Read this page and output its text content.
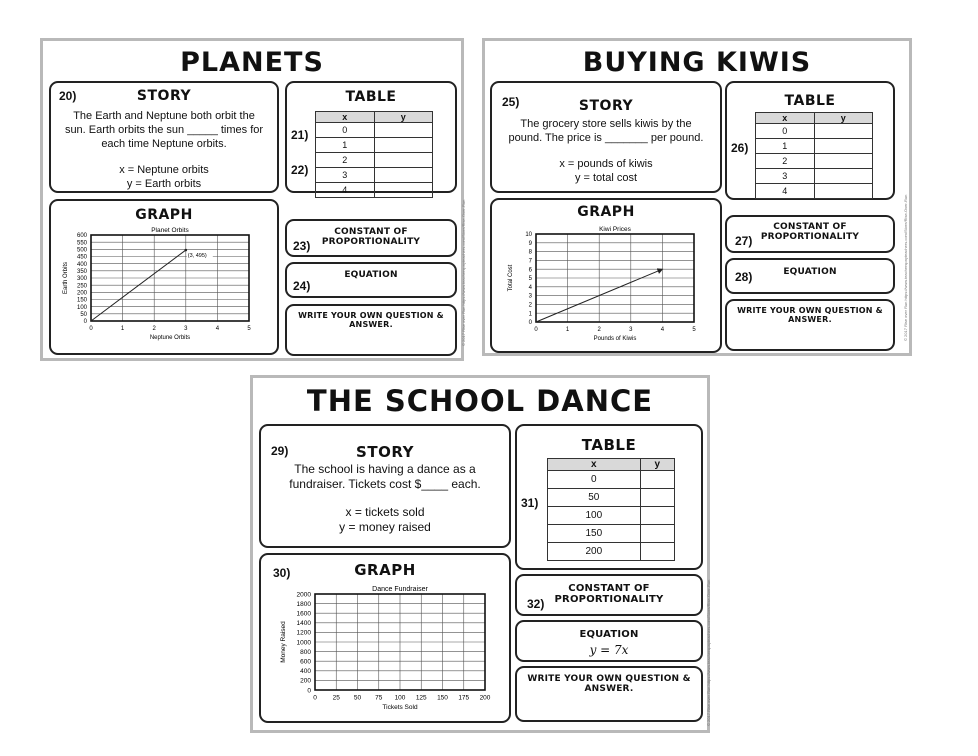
PLANETS
20)	STORY

The Earth and Neptune both orbit the

sun. Earth orbits the sun _____ times for

each time Neptune orbits.

x = Neptune orbits

y = Earth orbits

TABLE
21)
22)
x	y
0	
1	
2	
3	
4	
GRAPH
Planet Orbits
0
50
100
150
200
250
300
350
400
450
500
550
600
0	1	2	3	4	5
Neptune Orbits
Earth Orbits
(3, 495)
CONSTANT OF PROPORTIONALITY
23)
EQUATION
24)
WRITE YOUR OWN QUESTION & ANSWER.	© 2017 Rise over Run https://www.teacherspayteachers.com/Store/Rise-Over-Run
BUYING KIWIS
25)	STORY

The grocery store sells kiwis by the

pound. The price is _______ per pound.

x = pounds of kiwis

y = total cost

TABLE
26)
x	y
0	
1	
2	
3	
4	
GRAPH
Kiwi Prices
0
1
2
3
4
5
6
7
8
9
10
0	1	2	3	4	5
Pounds of Kiwis
Total Cost
CONSTANT OF PROPORTIONALITY
27)
EQUATION
28)
WRITE YOUR OWN QUESTION & ANSWER.	© 2017 Rise over Run https://www.teacherspayteachers.com/Store/Rise-Over-Run
THE SCHOOL DANCE
29)	STORY

The school is having a dance as a

fundraiser. Tickets cost $____ each.

x = tickets sold

y = money raised

TABLE
31)
x	y
0	
50	
100	
150	
200	
30)	GRAPH
Dance Fundraiser
0
200
400
600
800
1000
1200
1400
1600
1800
2000
0 25 50 75 100 125 150 175 200
Tickets Sold
Money Raised
CONSTANT OF PROPORTIONALITY
32)
EQUATION
y = 7x
WRITE YOUR OWN QUESTION & ANSWER.	© 2017 Rise over Run https://www.teacherspayteachers.com/Store/Rise-Over-Run
